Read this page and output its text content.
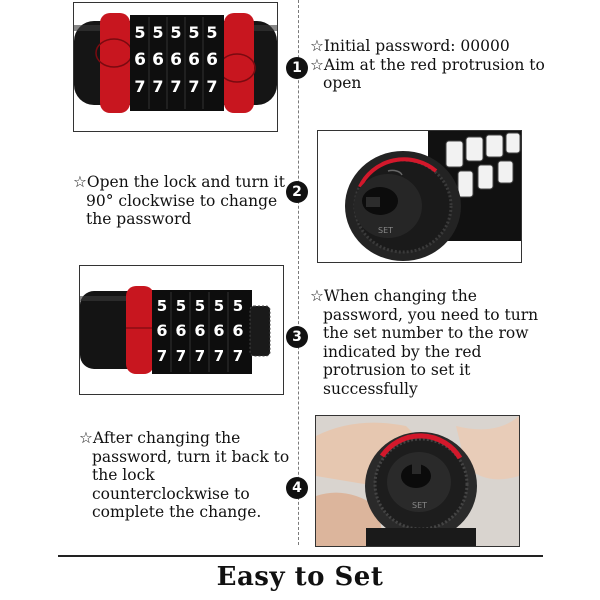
5 5 5 5 5
6 6 6 6 6
7 7 7 7 7
1
☆Initial password: 00000
☆Aim at the red protrusion to
open
☆Open the lock and turn it
90° clockwise to change
the password
2
SET
5 5 5 5 5
6 6 6 6 6
7 7 7 7 7
3
☆When changing the
password, you need to turn
the set number to the row
indicated by the red
protrusion to set it
successfully
☆After changing the
password, turn it back to
the lock
counterclockwise to
complete the change.
4
SET
Easy to Set
